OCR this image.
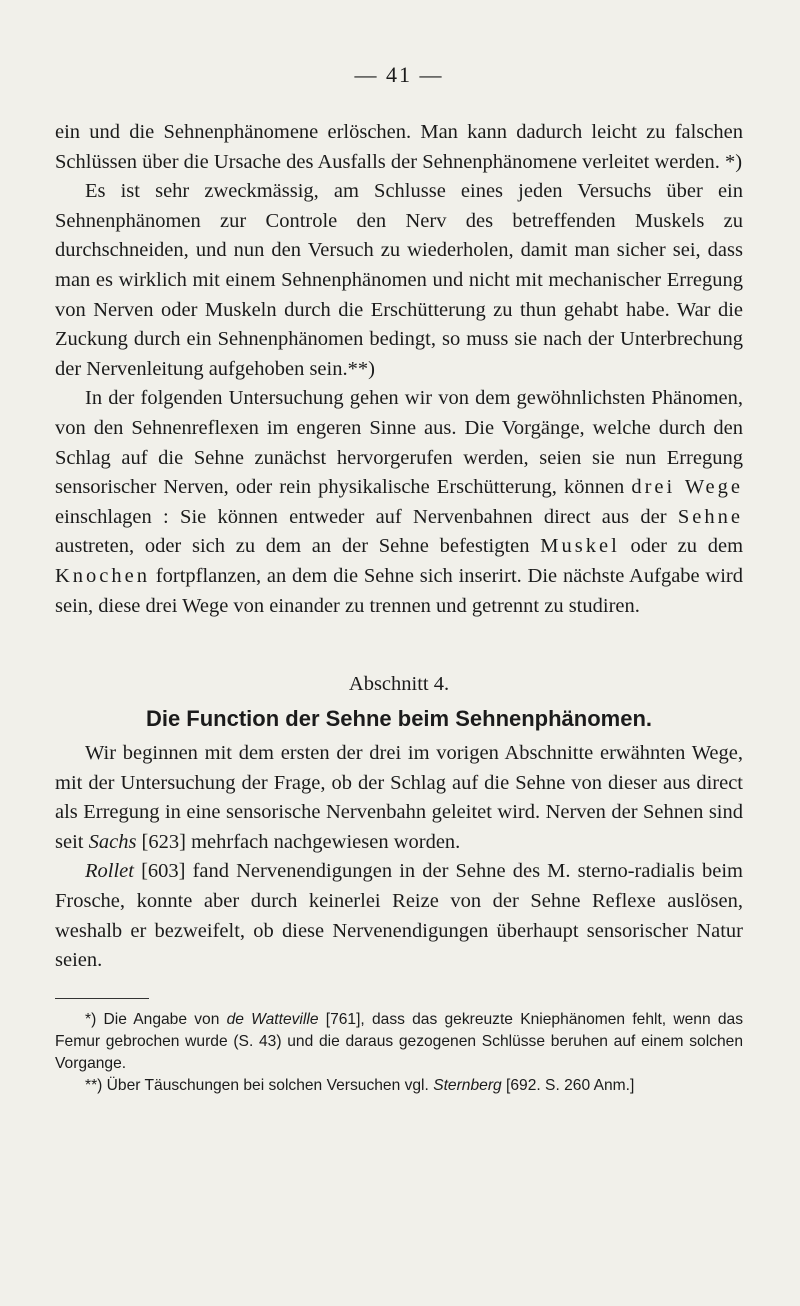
— 41 —

ein und die Sehnenphänomene erlöschen. Man kann dadurch leicht zu falschen Schlüssen über die Ursache des Ausfalls der Sehnenphänomene verleitet werden. *)

Es ist sehr zweckmässig, am Schlusse eines jeden Versuchs über ein Sehnenphänomen zur Controle den Nerv des betreffenden Muskels zu durchschneiden, und nun den Versuch zu wiederholen, damit man sicher sei, dass man es wirklich mit einem Sehnenphänomen und nicht mit mechanischer Erregung von Nerven oder Muskeln durch die Erschütterung zu thun gehabt habe. War die Zuckung durch ein Sehnenphänomen bedingt, so muss sie nach der Unterbrechung der Nervenleitung aufgehoben sein.**)

In der folgenden Untersuchung gehen wir von dem gewöhnlichsten Phänomen, von den Sehnenreflexen im engeren Sinne aus. Die Vorgänge, welche durch den Schlag auf die Sehne zunächst hervorgerufen werden, seien sie nun Erregung sensorischer Nerven, oder rein physikalische Erschütterung, können drei Wege einschlagen : Sie können entweder auf Nervenbahnen direct aus der Sehne austreten, oder sich zu dem an der Sehne befestigten Muskel oder zu dem Knochen fortpflanzen, an dem die Sehne sich inserirt. Die nächste Aufgabe wird sein, diese drei Wege von einander zu trennen und getrennt zu studiren.

Abschnitt 4.
Die Function der Sehne beim Sehnenphänomen.

Wir beginnen mit dem ersten der drei im vorigen Abschnitte erwähnten Wege, mit der Untersuchung der Frage, ob der Schlag auf die Sehne von dieser aus direct als Erregung in eine sensorische Nervenbahn geleitet wird. Nerven der Sehnen sind seit Sachs [623] mehrfach nachgewiesen worden.

Rollet [603] fand Nervenendigungen in der Sehne des M. sterno-radialis beim Frosche, konnte aber durch keinerlei Reize von der Sehne Reflexe auslösen, weshalb er bezweifelt, ob diese Nervenendigungen überhaupt sensorischer Natur seien.

*) Die Angabe von de Watteville [761], dass das gekreuzte Kniephänomen fehlt, wenn das Femur gebrochen wurde (S. 43) und die daraus gezogenen Schlüsse beruhen auf einem solchen Vorgange.

**) Über Täuschungen bei solchen Versuchen vgl. Sternberg [692. S. 260 Anm.]
